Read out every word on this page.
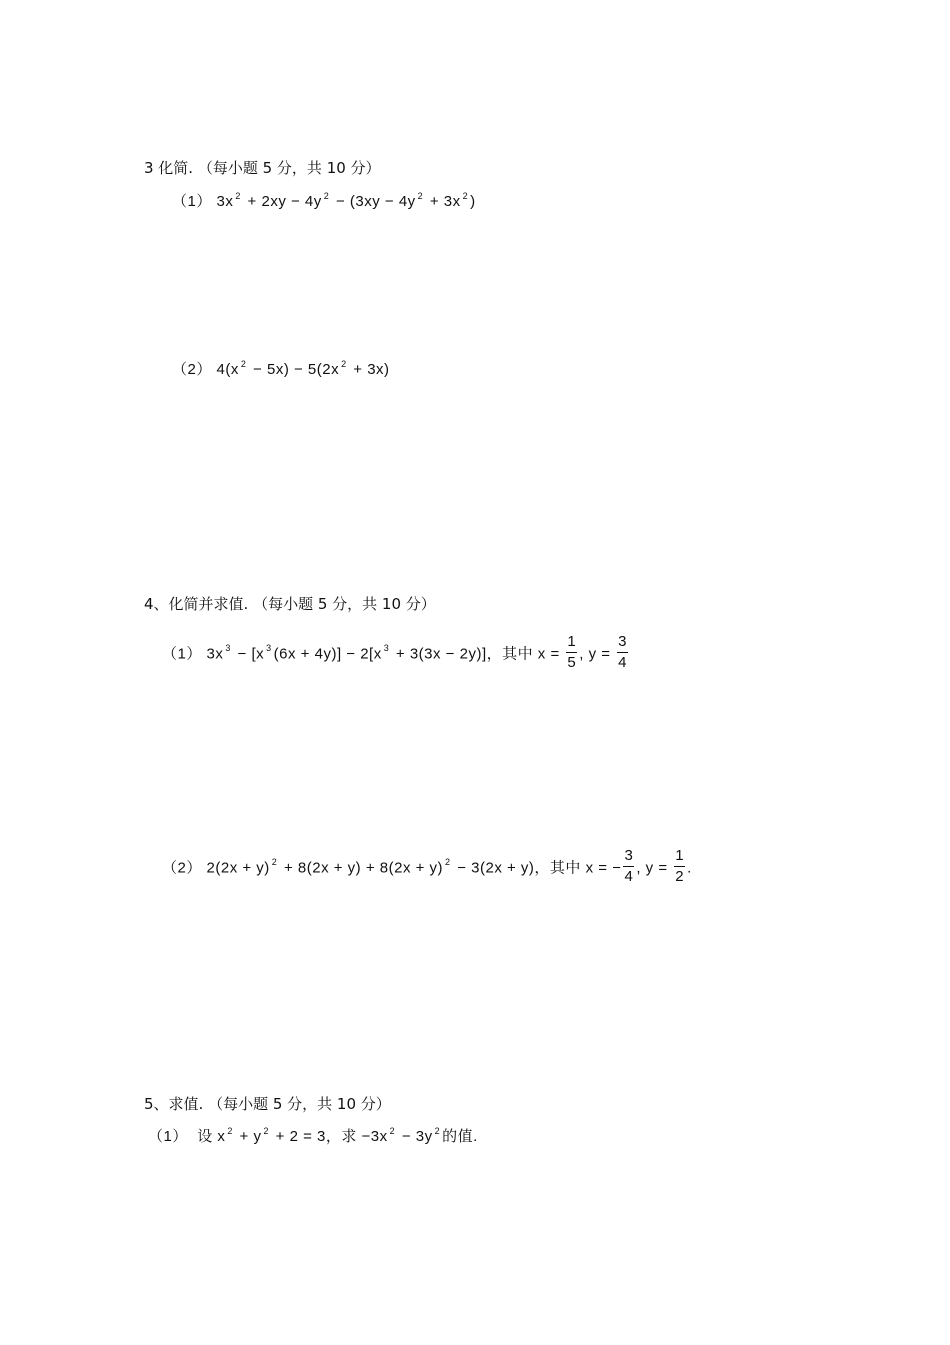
3 化简. （每小题 5 分，共 10 分）
（1） 3x $^2$ + 2xy − 4y $^2$ − (3xy − 4y $^2$ + 3x $^2$ )
（2） 4(x $^2$ − 5x) − 5(2x $^2$ + 3x)
4、化简并求值. （每小题 5 分，共 10 分）
（1） 3x $^3$ − [x $^3$ (6x + 4y)] − 2[x $^3$ + 3(3x − 2y)]，其中 $x = \frac{1}{5}$ , $y = \frac{3}{4}$
（2） 2(2x + y) $^2$ + 8(2x + y) + 8(2x + y) $^2$ − 3(2x + y)，其中 x = − $\frac{3}{4}$ , $y = \frac{1}{2}$ .
5、求值. （每小题 5 分，共 10 分）
（1） 设 x $^2$ + y $^2$ + 2 = 3，求 −3x $^2$ − 3y $^2$ 的值.
